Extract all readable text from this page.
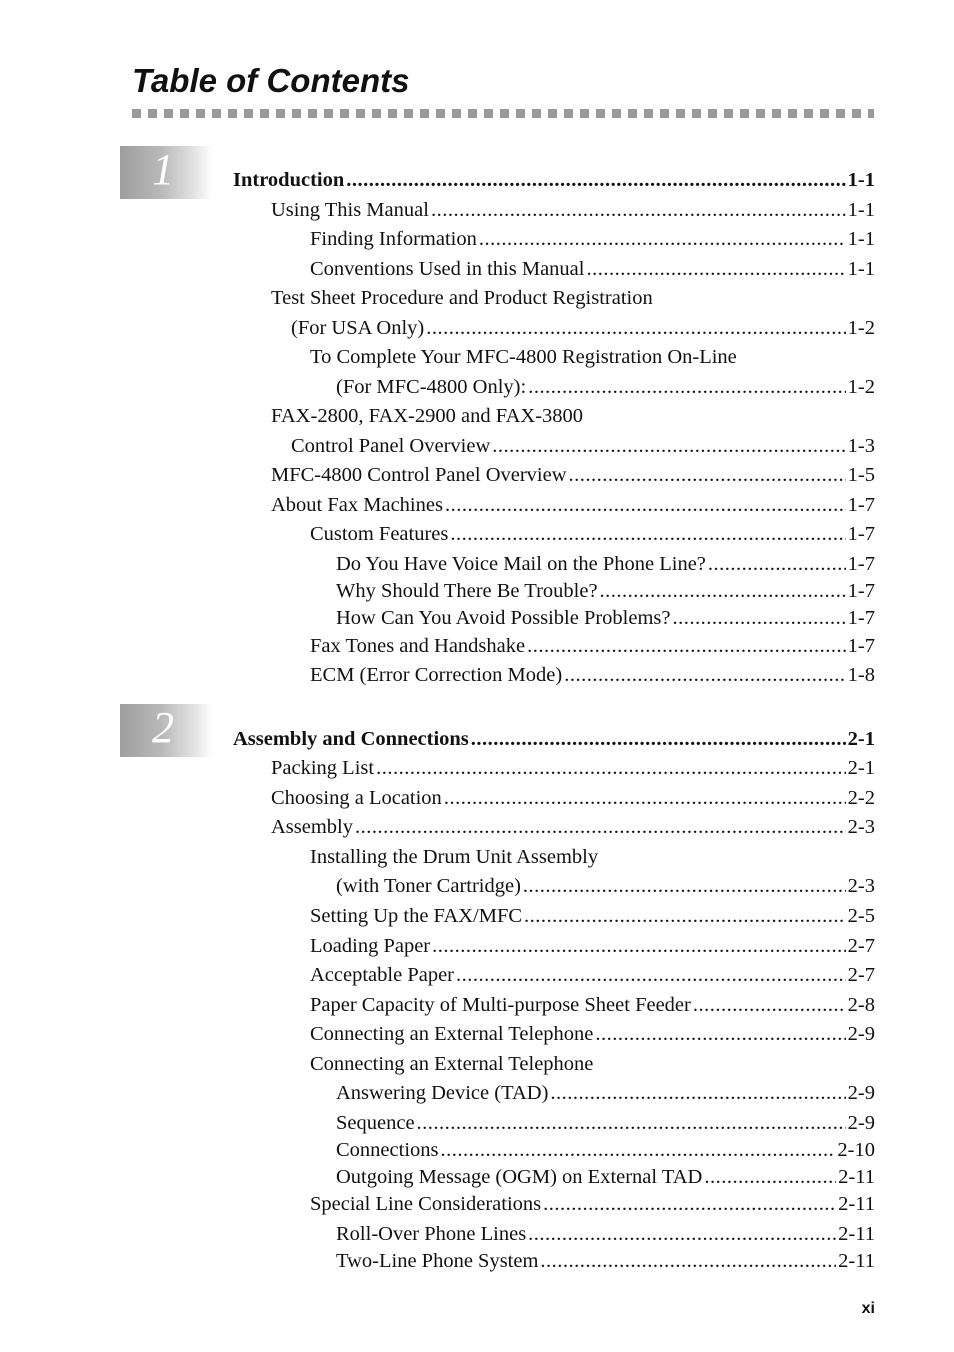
Table of Contents
1
2
Introduction .....	1-1
Using This Manual .....	1-1
Finding Information .....	1-1
Conventions Used in this Manual .....	1-1
Test Sheet Procedure and Product Registration
(For USA Only) .....	1-2
To Complete Your MFC-4800 Registration On-Line
(For MFC-4800 Only): .....	1-2
FAX-2800, FAX-2900 and FAX-3800
Control Panel Overview .....	1-3
MFC-4800 Control Panel Overview .....	1-5
About Fax Machines .....	1-7
Custom Features .....	1-7
Do You Have Voice Mail on the Phone Line? .....	1-7
Why Should There Be Trouble? .....	1-7
How Can You Avoid Possible Problems? .....	1-7
Fax Tones and Handshake .....	1-7
ECM (Error Correction Mode) .....	1-8
Assembly and Connections .....	2-1
Packing List .....	2-1
Choosing a Location .....	2-2
Assembly .....	2-3
Installing the Drum Unit Assembly
(with Toner Cartridge) .....	2-3
Setting Up the FAX/MFC .....	2-5
Loading Paper .....	2-7
Acceptable Paper .....	2-7
Paper Capacity of Multi-purpose Sheet Feeder .....	2-8
Connecting an External Telephone .....	2-9
Connecting an External Telephone
Answering Device (TAD) .....	2-9
Sequence .....	2-9
Connections .....	2-10
Outgoing Message (OGM) on External TAD .....	2-11
Special Line Considerations .....	2-11
Roll-Over Phone Lines .....	2-11
Two-Line Phone System .....	2-11
xi
